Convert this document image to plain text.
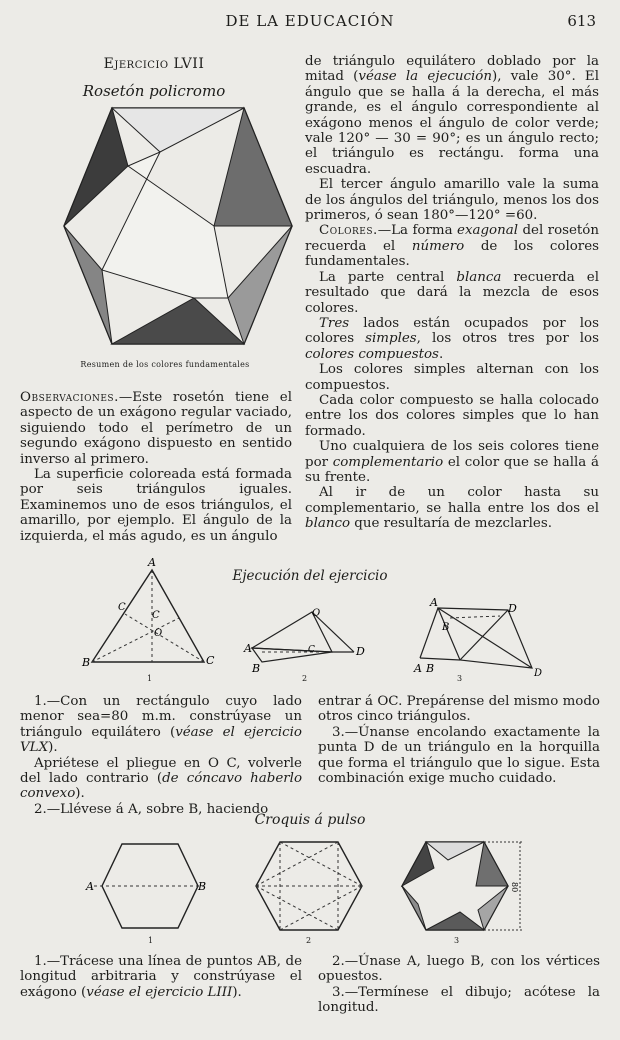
DE LA EDUCACIÓN	613
Ejercicio LVII
Rosetón policromo
Resumen de los colores fundamentales

Observaciones.—Este rosetón tiene el aspecto de un exágono regular vaciado, siguiendo todo el perímetro de un segundo exágono dispuesto en sentido inverso al primero.

La superficie coloreada está formada por seis triángulos iguales. Examinemos uno de esos triángulos, el amarillo, por ejemplo. El ángulo de la izquierda, el más agudo, es un ángulo

de triángulo equilátero doblado por la mitad (véase la ejecución), vale 30°. El ángulo que se halla á la derecha, el más grande, es el ángulo correspondiente al exágono menos el ángulo de color verde; vale 120° — 30 = 90°; es un ángulo recto; el triángulo es rectángu. forma una escuadra.

El tercer ángulo amarillo vale la suma de los ángulos del triángulo, menos los dos primeros, ó sean 180°—120° =60.

Colores.—La forma exagonal del rosetón recuerda el número de los colores fundamentales.

La parte central blanca recuerda el resultado que dará la mezcla de esos colores.

Tres lados están ocupados por los colores simples, los otros tres por los colores compuestos.

Los colores simples alternan con los compuestos.

Cada color compuesto se halla colocado entre los dos colores simples que lo han formado.

Uno cualquiera de los seis colores tiene por complementario el color que se halla á su frente.

Al ir de un color hasta su complementario, se halla entre los dos el blanco que resultaría de mezclarles.

Ejecución del ejercicio
A
B	C
C
O
C	O
A
B
C	D
A
B
D
A B	D
1	2	3

1.—Con un rectángulo cuyo lado menor sea=80 m.m. constrúyase un triángulo equilátero (véase el ejercicio VLX).

Apriétese el pliegue en O C, volverle del lado contrario (de cóncavo haberlo convexo).

2.—Llévese á A, sobre B, haciendo

entrar á OC. Prepárense del mismo modo otros cinco triángulos.

3.—Únanse encolando exactamente la punta D de un triángulo en la horquilla que forma el triángulo que lo sigue. Esta combinación exige mucho cuidado.

Croquis á pulso
A	B	80
1	2	3

1.—Trácese una línea de puntos AB, de longitud arbitraria y constrúyase el exágono (véase el ejercicio LIII).

2.—Únase A, luego B, con los vértices opuestos.

3.—Termínese el dibujo; acótese la longitud.
